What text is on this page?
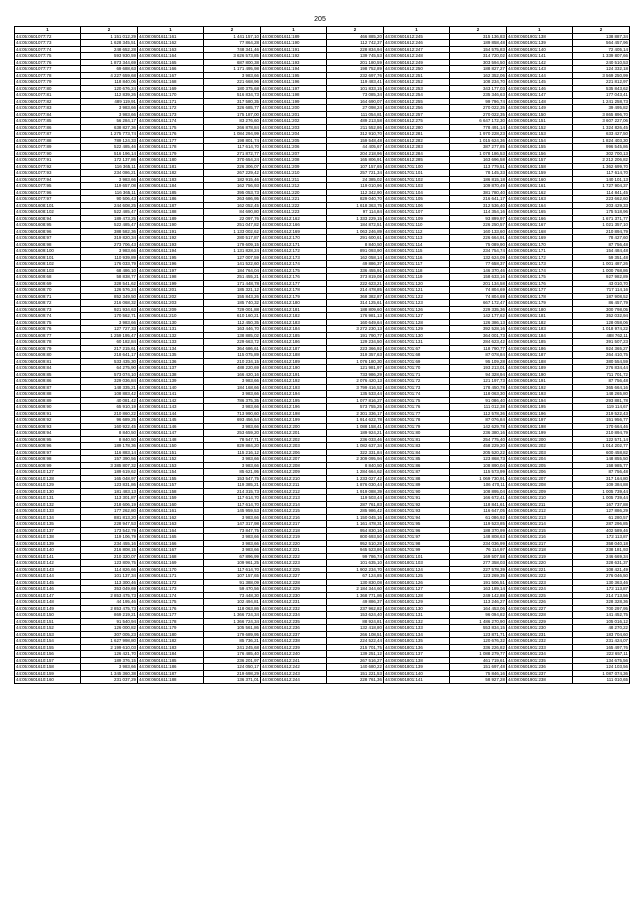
205
1	2	1	2	1	2	1	2	1	2
44:05:0601077:72	1 151 012,29	44:08:0601611:161	1 441 157,10	44:08:0601611:189	466 885,20	44:08:0601612:245	315 136,83	44:08:0601901:138	138 887,34
44:05:0601077:73	1 628 345,51	44:08:0601611:162	77 864,28	44:08:0601611:190	112 742,37	44:08:0601612:246	189 858,48	44:08:0601901:139	564 457,96
44:05:0601077:74	248 652,28	44:08:0601611:163	748 341,46	44:08:0601611:191	228 834,94	44:08:0601612:247	154 575,83	44:08:0601901:140	72 405,14
44:05:0601077:75	593 930,59	44:08:0601611:164	3 626 573,85	44:08:0601611:192	139 745,53	44:08:0601612:248	314 720,02	44:08:0601901:141	1 339 807,66
44:05:0601077:76	1 873 344,69	44:08:0601611:165	687 800,38	44:08:0601611:193	201 180,59	44:08:0601612:249	303 594,50	44:08:0601901:142	240 510,53
44:05:0601077:77	69 688,63	44:08:0601611:166	1 171 495,98	44:08:0601611:194	198 752,89	44:08:0601612:250	188 827,27	44:08:0601901:143	124 332,18
44:05:0601077:78	4 227 659,68	44:08:0601611:167	3 983,66	44:08:0601611:195	232 697,76	44:08:0601612:251	162 352,06	44:08:0601901:144	3 569 250,99
44:05:0601077:79	118 840,06	44:08:0601611:168	221 668,96	44:08:0601611:196	119 483,41	44:08:0601612:252	108 234,70	44:08:0601901:145	221 812,97
44:05:0601077:80	120 676,24	44:08:0601611:169	180 375,68	44:08:0601611:197	101 833,15	44:08:0601612:253	343 177,03	44:08:0601901:146	535 843,62
44:05:0601077:81	112 839,26	44:08:0601611:170	516 834,73	44:08:0601611:198	73 085,34	44:08:0601612:254	235 346,63	44:08:0601901:147	177 043,41
44:05:0601077:82	489 119,91	44:08:0601611:171	317 580,35	44:08:0601611:199	164 690,07	44:08:0601612:255	99 796,74	44:08:0601901:148	1 241 258,73
44:05:0601077:83	3 983,66	44:08:0601611:172	326 685,77	44:08:0601611:200	27 098,24	44:08:0601612:256	270 022,35	44:08:0601901:149	39 495,82
44:05:0601077:84	3 983,66	44:08:0601611:173	175 187,00	44:08:0601611:201	111 054,81	44:08:0601612:257	270 022,35	44:08:0601901:150	3 865 896,70
44:05:0601077:85	56 284,17	44:08:0601611:174	83 276,60	44:08:0601611:202	489 213,58	44:08:0601612:275	6 647 172,30	44:08:0601901:151	3 607 227,06
44:05:0601077:86	638 827,36	44:08:0601611:175	266 878,84	44:08:0601611:203	211 552,86	44:08:0601612:280	778 491,14	44:08:0601901:152	1 324 826,45
44:05:0601077:87	1 275 773,74	44:08:0601611:176	1 084 294,99	44:08:0601611:204	312 910,70	44:08:0601612:281	1 970 228,23	44:08:0601901:153	633 427,50
44:05:0601077:88	789 124,33	44:08:0601611:177	198 801,74	44:08:0601611:205	159 548,48	44:08:0601612:282	1 015 624,36	44:08:0601901:154	1 824 403,30
44:05:0601077:89	522 485,46	44:08:0601611:178	117 614,70	44:08:0601611:206	44 405,67	44:08:0601612:283	387 277,85	44:08:0601901:155	996 545,86
44:05:0601077:90	516 196,14	44:08:0601611:179	271 872,77	44:08:0601611:207	204 218,96	44:08:0601612:284	1 078 186,53	44:08:0601901:156	302 700,13
44:05:0601077:91	172 137,86	44:08:0601611:180	370 654,24	44:08:0601611:208	165 806,91	44:08:0601612:285	163 696,58	44:08:0601901:157	2 212 206,82
44:05:0601077:92	116 365,11	44:08:0601611:181	226 306,07	44:08:0601611:209	107 157,65	44:08:0601701:100	113 779,51	44:08:0601901:158	1 362 699,70
44:05:0601077:93	234 086,21	44:08:0601611:182	267 229,42	44:08:0601611:210	257 721,34	44:08:0601701:101	78 145,33	44:08:0601901:159	117 614,70
44:05:0601077:94	3 983,66	44:08:0601611:183	182 915,46	44:08:0601611:211	24 385,02	44:08:0601701:102	186 815,18	44:08:0601901:160	140 101,13
44:05:0601077:95	119 657,08	44:08:0601611:184	162 756,93	44:08:0601611:212	119 010,96	44:08:0601701:103	109 870,49	44:08:0601901:161	1 727 904,37
44:05:0601077:96	116 365,11	44:08:0601611:185	395 053,73	44:08:0601611:220	112 342,90	44:08:0601701:104	381 780,40	44:08:0601901:162	114 841,45
44:05:0601077:97	90 506,43	44:08:0601611:186	263 686,95	44:08:0601611:221	829 040,70	44:08:0601701:105	216 641,17	44:08:0601901:163	223 662,60
44:05:0601608:101	244 608,25	44:08:0601611:187	162 052,45	44:08:0601611:222	1 618 363,75	44:08:0601701:106	312 536,40	44:08:0601901:164	203 429,33
44:05:0601608:102	522 485,47	44:08:0601611:188	84 690,80	44:08:0601611:223	97 114,84	44:08:0601701:107	114 354,16	44:08:0601901:165	175 518,96
44:05:0601608:94	189 473,25	44:08:0601611:189	22 097,76	44:08:0601612:162	1 333 229,15	44:08:0601701:109	93 899,97	44:08:0601901:166	1 671 371,77
44:05:0601608:95	522 485,47	44:08:0601611:190	251 047,82	44:08:0601612:166	184 872,51	44:08:0601701:110	226 250,57	44:08:0601901:167	1 021 357,10
44:05:0601608:96	388 582,36	44:08:0601611:191	1 133 002,62	44:08:0601612:169	1 063 246,89	44:08:0601701:112	160 133,60	44:08:0601901:168	210 894,79
44:05:0601608:97	319 820,34	44:08:0601611:192	280 517,87	44:08:0601612:170	291 600,61	44:08:0601701:113	226 664,91	44:08:0601901:169	78 427,60
44:05:0601608:98	273 706,43	44:08:0601611:193	179 609,15	44:08:0601612:171	8 840,50	44:08:0601701:114	75 089,90	44:08:0601901:170	87 756,48
44:05:0601609:100	3 983,66	44:08:0601611:194	1 131 828,24	44:08:0601612:172	891 093,90	44:08:0601701:115	234 754,74	44:08:0601901:171	154 484,48
44:05:0601609:101	110 939,89	44:08:0601611:195	127 007,59	44:08:0601612:173	162 058,14	44:08:0601701:116	132 624,09	44:08:0601901:172	59 351,48
44:05:0601609:102	176 033,79	44:08:0601611:196	141 522,60	44:08:0601612:174	49 886,37	44:08:0601701:117	77 658,37	44:08:0601901:173	1 001 487,26
44:05:0601609:103	68 486,10	44:08:0601611:197	184 764,04	44:08:0601612:175	336 455,91	44:08:0601701:118	146 370,46	44:08:0601901:174	1 000 768,86
44:05:0601609:68	58 838,77	44:08:0601611:198	251 455,21	44:08:0601612:176	373 819,08	44:08:0601701:119	158 633,16	44:08:0601901:175	927 982,89
44:05:0601609:69	328 541,62	44:08:0601611:199	171 448,78	44:08:0601612:177	222 623,21	44:08:0601701:120	201 134,58	44:08:0601901:176	43 010,70
44:05:0601609:70	126 576,24	44:08:0601611:201	185 321,12	44:08:0601612:178	214 478,85	44:08:0601701:121	74 804,69	44:08:0601901:177	717 114,16
44:05:0601609:71	852 349,50	44:08:0601611:202	155 843,26	44:08:0601612:179	368 382,87	44:08:0601701:122	74 804,69	44:08:0601901:178	187 908,52
44:05:0601609:72	216 068,32	44:08:0601611:203	185 740,32	44:08:0601612:180	314 125,61	44:08:0601701:123	667 172,47	44:08:0601901:179	86 457,79
44:05:0601609:73	921 934,63	44:08:0601611:209	729 001,88	44:08:0601612:181	188 809,60	44:08:0601701:126	229 335,36	44:08:0601901:180	300 798,05
44:05:0601609:74	170 562,71	44:08:0601611:210	610 160,21	44:08:0601612:182	176 981,13	44:08:0601701:127	142 177,62	44:08:0601901:181	352 032,94
44:05:0601609:75	3 983,66	44:08:0601611:130	112 450,35	44:08:0601612:183	160 649,64	44:08:0601701:128	126 386,13	44:08:0601901:182	128 058,06
44:05:0601609:76	127 727,33	44:08:0601611:131	163 446,70	44:08:0601612:184	3 272 230,13	44:08:0601701:129	392 528,16	44:08:0601901:183	1 018 974,22
44:05:0601609:77	1 259 195,47	44:08:0601611:132	138 885,02	44:08:0601612:185	191 790,77	44:08:0601701:130	364 001,73	44:08:0601901:184	488 762,11
44:05:0601609:78	60 182,84	44:08:0601611:133	229 663,72	44:08:0601612:186	129 234,50	44:08:0601701:131	284 623,42	44:08:0601901:185	391 507,23
44:05:0601609:79	217 215,61	44:08:0601611:134	364 686,61	44:08:0601612:187	223 366,92	44:08:0601701:67	118 790,77	44:08:0601901:186	924 365,27
44:05:0601609:80	218 641,17	44:08:0601611:135	115 075,89	44:08:0601612:188	319 357,63	44:08:0601701:68	87 078,84	44:08:0601901:187	264 410,75
44:05:0601609:81	533 435,30	44:08:0601611:136	210 234,15	44:08:0601612:189	1 076 180,30	44:08:0601701:69	95 109,28	44:08:0601901:188	380 554,59
44:05:0601609:84	64 275,90	44:08:0601611:137	488 220,69	44:08:0601612:190	121 981,97	44:08:0601701:70	193 213,01	44:08:0601901:189	276 834,44
44:05:0601609:85	573 074,10	44:08:0601611:138	166 420,16	44:08:0601612:191	733 986,29	44:08:0601701:71	94 328,94	44:08:0601901:190	711 701,72
44:05:0601609:86	329 036,84	44:08:0601611:139	3 983,66	44:08:0601612:192	2 076 420,13	44:08:0601701:72	121 197,73	44:08:0601901:191	87 756,48
44:05:0601609:87	148 335,21	44:08:0601611:140	184 168,66	44:08:0601612:193	3 799 416,52	44:08:0601701:73	178 450,78	44:08:0601901:192	365 664,16
44:05:0601609:88	108 883,42	44:08:0601611:141	3 983,66	44:08:0601612:194	135 533,44	44:08:0601701:74	118 063,30	44:08:0601901:193	148 265,80
44:05:0601609:89	40 081,42	44:08:0601611:142	786 375,35	44:08:0601612:195	1 077 816,27	44:08:0601701:75	91 086,40	44:08:0601901:194	293 881,78
44:05:0601609:90	65 910,19	44:08:0601611:143	3 983,66	44:08:0601612:196	573 755,25	44:08:0601701:76	111 012,38	44:08:0601901:195	119 114,67
44:05:0601609:91	210 860,22	44:08:0601611:144	713 990,60	44:08:0601612:198	2 301 336,17	44:08:0601701:77	112 578,36	44:08:0601901:196	219 522,43
44:05:0601609:92	96 689,25	44:08:0601611:145	693 456,54	44:08:0601612:199	1 914 622,78	44:08:0601701:78	87 076,84	44:08:0601901:197	151 956,77
44:05:0601609:93	160 922,45	44:08:0601611:146	3 983,66	44:08:0601612:200	1 088 158,41	44:08:0601701:79	142 629,78	44:08:0601901:198	170 664,46
44:05:0601609:94	8 840,50	44:08:0601611:147	253 659,20	44:08:0601612:201	189 924,21	44:08:0601701:80	236 380,16	44:08:0601901:199	210 894,79
44:05:0601609:95	8 840,50	44:08:0601611:148	78 547,71	44:08:0601612:202	236 033,46	44:08:0601701:81	254 775,40	44:08:0601901:200	122 571,14
44:05:0601609:96	189 178,36	44:08:0601611:150	829 884,20	44:08:0601612:203	1 082 637,34	44:08:0601701:83	458 229,20	44:08:0601901:202	1 014 202,77
44:05:0601609:97	116 883,14	44:08:0601611:151	115 216,12	44:08:0601612:206	322 331,84	44:08:0601701:84	205 520,22	44:08:0601901:203	600 458,82
44:05:0601609:98	157 390,56	44:08:0601611:152	3 983,66	44:08:0601612:207	2 309 095,94	44:08:0601701:85	123 868,73	44:08:0601901:204	148 855,50
44:05:0601609:99	3 385 807,32	44:08:0601611:153	3 983,66	44:08:0601612:208	8 840,50	44:08:0601701:86	108 890,04	44:08:0601901:205	158 985,77
44:05:0601610:127	189 619,62	44:08:0601611:154	85 621,95	44:08:0601612:209	1 284 664,62	44:08:0601701:87	115 573,99	44:08:0601901:206	87 756,48
44:05:0601610:128	165 048,97	44:08:0601611:155	153 547,75	44:08:0601612:210	1 233 027,42	44:08:0601701:88	1 069 730,91	44:08:0601901:207	317 164,80
44:05:0601610:129	123 831,86	44:08:0601611:157	119 385,21	44:08:0601612:211	1 876 030,44	44:08:0601701:89	106 470,11	44:08:0601901:208	109 384,88
44:05:0601610:130	181 483,13	44:08:0601611:158	214 315,73	44:08:0601612:212	1 919 088,39	44:08:0601701:90	108 895,04	44:08:0601901:209	1 005 739,44
44:05:0601610:131	113 301,87	44:08:0601611:159	117 614,70	44:08:0601612:213	119 503,44	44:08:0601701:91	166 672,41	44:08:0601901:210	1 005 739,44
44:05:0601610:132	218 606,19	44:08:0601611:160	117 614,70	44:08:0601612:214	287 761,83	44:08:0601701:92	118 841,61	44:08:0601901:211	167 737,88
44:05:0601610:133	177 262,80	44:08:0601611:161	145 959,53	44:08:0601612:215	285 986,42	44:08:0601701:93	116 647,05	44:08:0601901:212	127 886,29
44:05:0601610:134	881 813,20	44:08:0601611:162	3 983,66	44:08:0601612:216	1 150 045,16	44:08:0601701:94	61 086,92	44:08:0601901:213	61 280,57
44:05:0601610:135	228 947,53	44:08:0601611:163	147 317,98	44:08:0601612:217	1 161 478,31	44:08:0601701:95	119 523,85	44:08:0601901:214	287 296,85
44:05:0601610:137	173 542,79	44:08:0601611:164	73 847,75	44:08:0601612:218	954 830,16	44:08:0601701:96	188 370,99	44:08:0601901:215	402 589,46
44:05:0601610:138	119 106,79	44:08:0601611:165	3 983,66	44:08:0601612:219	800 693,50	44:08:0601701:97	148 808,63	44:08:0601901:216	172 113,87
44:05:0601610:139	234 455,16	44:08:0601611:166	3 983,66	44:08:0601612:220	952 510,28	44:08:0601701:98	234 036,99	44:08:0601901:217	358 040,18
44:05:0601610:140	216 808,15	44:08:0601611:167	3 983,66	44:08:0601612:221	945 523,86	44:08:0601701:99	76 114,97	44:08:0601901:218	238 181,93
44:05:0601610:141	210 320,07	44:08:0601611:168	67 896,99	44:08:0601612:222	99 786,74	44:08:0601801:101	169 507,58	44:08:0601901:219	246 669,34
44:05:0601610:142	123 809,75	44:08:0601611:169	109 961,25	44:08:0601612:223	101 635,10	44:08:0601801:103	277 358,03	44:08:0601901:220	328 631,37
44:05:0601610:143	114 826,66	44:08:0601611:170	117 614,70	44:08:0601612:225	1 902 234,70	44:08:0601801:124	227 578,39	44:08:0601901:221	108 421,49
44:05:0601610:144	101 137,34	44:08:0601611:171	107 157,65	44:08:0601612:227	67 124,85	44:08:0601801:125	123 269,35	44:08:0601901:222	276 046,50
44:05:0601610:145	113 300,46	44:08:0601611:172	91 388,09	44:08:0601612:228	130 830,08	44:08:0601801:126	191 506,51	44:08:0601901:223	130 363,46
44:05:0601610:146	353 049,69	44:08:0601611:173	59 470,56	44:08:0601612:229	2 184 344,60	44:08:0601801:127	163 189,14	44:08:0601901:224	172 113,87
44:05:0601610:147	2 853 475,73	44:08:0601611:174	73 448,30	44:08:0601612:230	1 368 771,86	44:08:0601801:128	249 142,88	44:08:0601901:225	214 713,56
44:05:0601610:148	44 195,46	44:08:0601611:175	102 494,81	44:08:0601612:231	49 886,37	44:08:0601801:129	113 246,27	44:08:0601901:226	328 328,36
44:05:0601610:149	2 853 475,73	44:08:0601611:176	118 063,86	44:08:0601612:232	237 962,82	44:08:0601801:130	164 453,06	44:08:0601901:227	700 297,95
44:05:0601610:150	869 219,21	44:08:0601611:177	1 366 724,34	44:08:0601612:234	153 624,40	44:08:0601801:131	96 094,82	44:08:0601901:228	141 452,75
44:05:0601610:151	91 540,94	44:08:0601611:178	1 366 724,34	44:08:0601612:235	88 924,81	44:08:0601801:132	1 486 270,90	44:08:0601901:229	105 016,12
44:05:0601610:152	126 000,82	44:08:0601611:179	105 561,86	44:08:0601612:236	132 418,80	44:08:0601801:133	553 834,15	44:08:0601901:230	48 270,22
44:05:0601610:153	307 005,23	44:08:0601611:180	179 689,95	44:08:0601612:237	266 108,51	44:08:0601801:134	123 871,71	44:08:0601901:231	183 704,60
44:05:0601610:154	1 627 998,80	44:08:0601611:182	85 736,21	44:08:0601612:238	224 522,44	44:08:0601801:135	120 676,32	44:08:0601901:232	231 424,07
44:05:0601610:155	2 199 610,03	44:08:0601611:183	241 245,68	44:08:0601612:239	215 701,75	44:08:0601801:136	336 226,82	44:08:0601901:233	165 497,76
44:05:0601610:156	126 421,70	44:08:0601611:184	176 485,40	44:08:0601612:240	139 251,12	44:08:0601801:137	1 088 279,77	44:08:0601901:234	222 657,11
44:05:0601610:157	189 376,15	44:08:0601611:185	236 201,97	44:08:0601612:241	267 516,27	44:08:0601801:138	461 719,61	44:08:0601901:235	134 675,56
44:05:0601610:158	3 983,66	44:08:0601611:186	124 050,17	44:08:0601612:242	140 680,22	44:08:0601801:139	151 697,48	44:08:0601901:236	124 103,56
44:05:0601610:159	1 345 360,38	44:08:0601611:187	219 698,29	44:08:0601612:243	151 221,53	44:08:0601801:140	75 846,16	44:08:0601901:237	1 087 074,36
44:05:0601610:160	231 037,29	44:08:0601611:188	136 371,01	44:08:0601612:244	228 761,36	44:08:0601801:141	58 927,28	44:08:0601901:238	111 010,65
